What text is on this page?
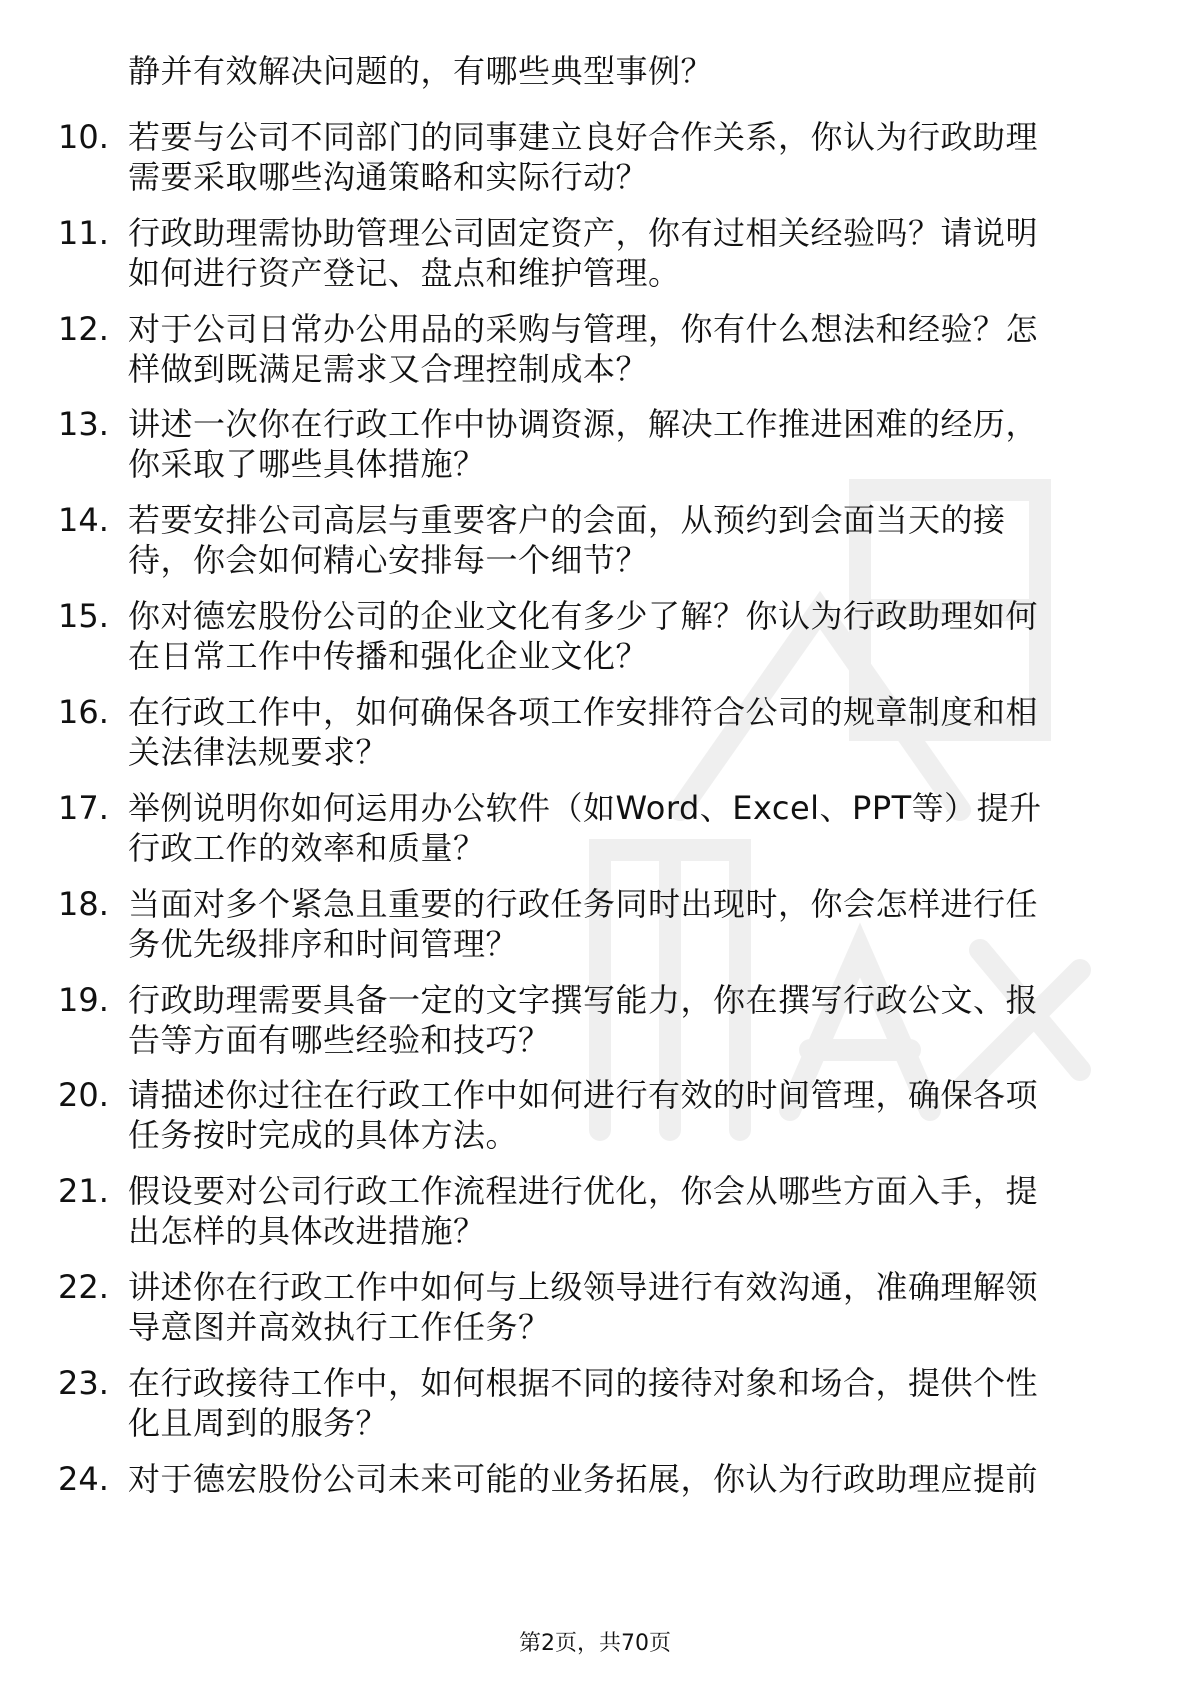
静并有效解决问题的，有哪些典型事例？
10. 若要与公司不同部门的同事建立良好合作关系，你认为行政助理
需要采取哪些沟通策略和实际行动？
11. 行政助理需协助管理公司固定资产，你有过相关经验吗？请说明
如何进行资产登记、盘点和维护管理。
12. 对于公司日常办公用品的采购与管理，你有什么想法和经验？怎
样做到既满足需求又合理控制成本？
13. 讲述一次你在行政工作中协调资源，解决工作推进困难的经历，
你采取了哪些具体措施？
14. 若要安排公司高层与重要客户的会面，从预约到会面当天的接
待，你会如何精心安排每一个细节？
15. 你对德宏股份公司的企业文化有多少了解？你认为行政助理如何
在日常工作中传播和强化企业文化？
16. 在行政工作中，如何确保各项工作安排符合公司的规章制度和相
关法律法规要求？
17. 举例说明你如何运用办公软件（如Word、Excel、PPT等）提升
行政工作的效率和质量？
18. 当面对多个紧急且重要的行政任务同时出现时，你会怎样进行任
务优先级排序和时间管理？
19. 行政助理需要具备一定的文字撰写能力，你在撰写行政公文、报
告等方面有哪些经验和技巧？
20. 请描述你过往在行政工作中如何进行有效的时间管理，确保各项
任务按时完成的具体方法。
21. 假设要对公司行政工作流程进行优化，你会从哪些方面入手，提
出怎样的具体改进措施？
22. 讲述你在行政工作中如何与上级领导进行有效沟通，准确理解领
导意图并高效执行工作任务？
23. 在行政接待工作中，如何根据不同的接待对象和场合，提供个性
化且周到的服务？
24. 对于德宏股份公司未来可能的业务拓展，你认为行政助理应提前
第2页，共70页
